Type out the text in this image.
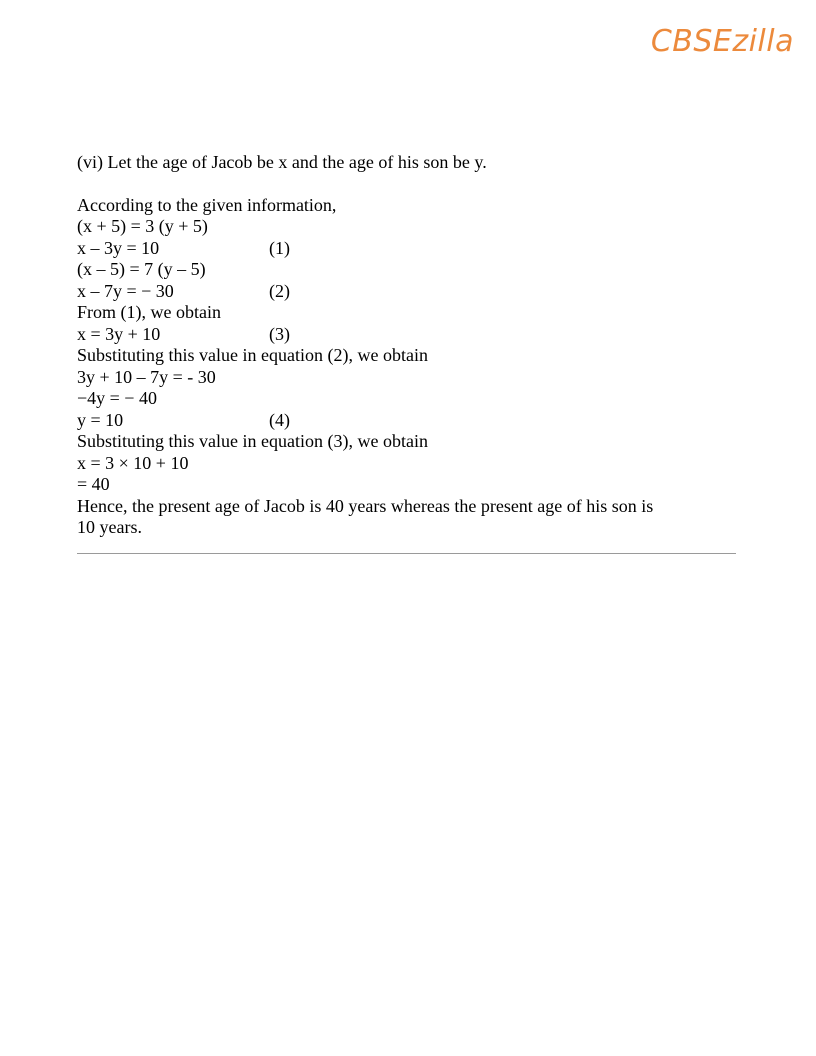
CBSEzilla
(vi) Let the age of Jacob be x and the age of his son be y.
According to the given information,
(x + 5) = 3 (y + 5)
x – 3y = 10	(1)
(x – 5) = 7 (y – 5)
x – 7y = − 30	(2)
From (1), we obtain
x = 3y + 10	(3)
Substituting this value in equation (2), we obtain
3y + 10 – 7y = - 30
−4y = − 40
y = 10	(4)
Substituting this value in equation (3), we obtain
x = 3 × 10 + 10
= 40
Hence, the present age of Jacob is 40 years whereas the present age of his son is 10 years.
